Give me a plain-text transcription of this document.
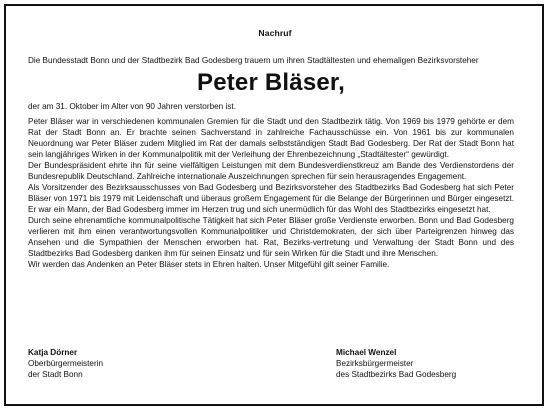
Nachruf
Die Bundesstadt Bonn und der Stadtbezirk Bad Godesberg trauern um ihren Stadtältesten und ehemaligen Bezirksvorsteher
Peter Bläser,
der am 31. Oktober im Alter von 90 Jahren verstorben ist.
Peter Bläser war in verschiedenen kommunalen Gremien für die Stadt und den Stadtbezirk tätig. Von 1969 bis 1979 gehörte er dem Rat der Stadt Bonn an. Er brachte seinen Sachverstand in zahlreiche Fachausschüsse ein. Von 1961 bis zur kommunalen Neuordnung war Peter Bläser zudem Mitglied im Rat der damals selbstständigen Stadt Bad Godesberg. Der Rat der Stadt Bonn hat sein langjähriges Wirken in der Kommunalpolitik mit der Verleihung der Ehrenbezeichnung „Stadtältester“ gewürdigt.
Der Bundespräsident ehrte ihn für seine vielfältigen Leistungen mit dem Bundesverdienstkreuz am Bande des Verdienstordens der Bundesrepublik Deutschland. Zahlreiche internationale Auszeichnungen sprechen für sein herausragendes Engagement.
Als Vorsitzender des Bezirksausschusses von Bad Godesberg und Bezirksvorsteher des Stadtbezirks Bad Godesberg hat sich Peter Bläser von 1971 bis 1979 mit Leidenschaft und überaus großem Engagement für die Belange der Bürgerinnen und Bürger eingesetzt. Er war ein Mann, der Bad Godesberg immer im Herzen trug und sich unermüdlich für das Wohl des Stadtbezirks eingesetzt hat.
Durch seine ehrenamtliche kommunalpolitische Tätigkeit hat sich Peter Bläser große Verdienste erworben. Bonn und Bad Godesberg verlieren mit ihm einen verantwortungsvollen Kommunalpolitiker und Christdemokraten, der sich über Parteigrenzen hinweg das Ansehen und die Sympathien der Menschen erworben hat. Rat, Bezirks-vertretung und Verwaltung der Stadt Bonn und des Stadtbezirks Bad Godesberg danken ihm für seinen Einsatz und für sein Wirken für die Stadt und ihre Menschen.
Wir werden das Andenken an Peter Bläser stets in Ehren halten. Unser Mitgefühl gilt seiner Familie.
Katja Dörner
Oberbürgermeisterin
der Stadt Bonn
Michael Wenzel
Bezirksbürgermeister
des Stadtbezirks Bad Godesberg
